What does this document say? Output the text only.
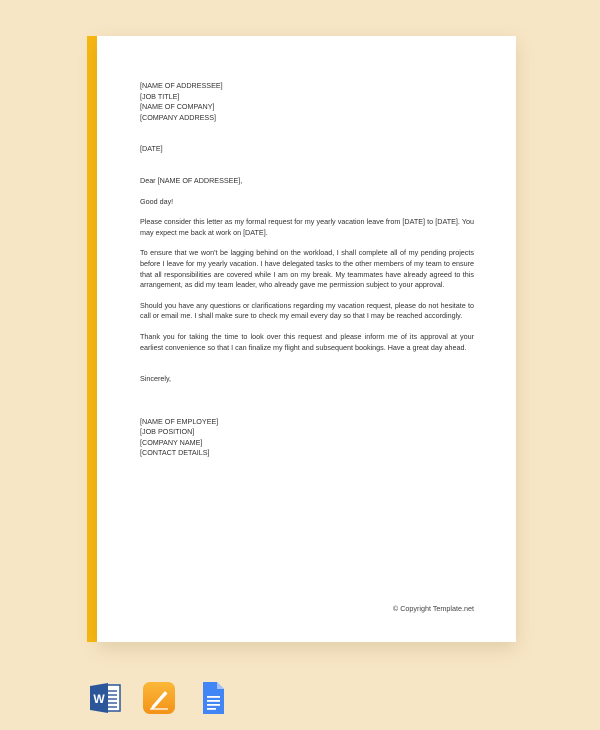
[NAME OF ADDRESSEE]

[JOB TITLE]

[NAME OF COMPANY]

[COMPANY ADDRESS]

[DATE]

Dear [NAME OF ADDRESSEE],

Good day!

Please consider this letter as my formal request for my yearly vacation leave from [DATE] to [DATE]. You may expect me back at work on [DATE].

To ensure that we won't be lagging behind on the workload, I shall complete all of my pending projects before I leave for my yearly vacation. I have delegated tasks to the other members of my team to ensure that all responsibilities are covered while I am on my break. My teammates have already agreed to this arrangement, as did my team leader, who already gave me permission subject to your approval.

Should you have any questions or clarifications regarding my vacation request, please do not hesitate to call or email me. I shall make sure to check my email every day so that I may be reached accordingly.

Thank you for taking the time to look over this request and please inform me of its approval at your earliest convenience so that I can finalize my flight and subsequent bookings. Have a great day ahead.

Sincerely,

[NAME OF EMPLOYEE]

[JOB POSITION]

[COMPANY NAME]

[CONTACT DETAILS]

© Copyright Template.net
W
